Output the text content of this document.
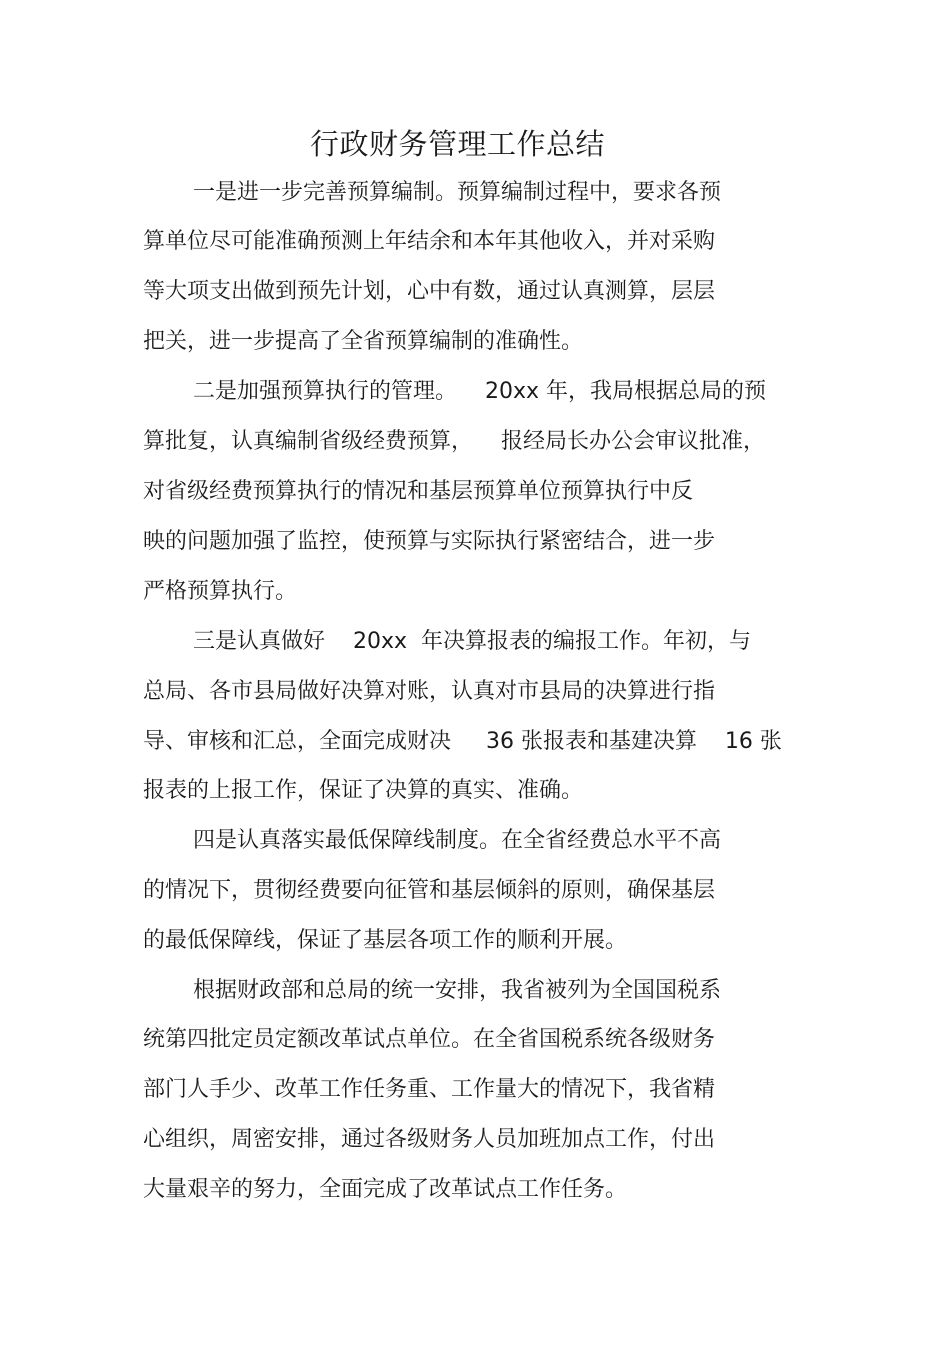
行政财务管理工作总结

一是进一步完善预算编制。预算编制过程中，要求各预

算单位尽可能准确预测上年结余和本年其他收入，并对采购

等大项支出做到预先计划，心中有数，通过认真测算，层层

把关，进一步提高了全省预算编制的准确性。

二是加强预算执行的管理。    20xx 年，我局根据总局的预

算批复，认真编制省级经费预算，    报经局长办公会审议批准，

对省级经费预算执行的情况和基层预算单位预算执行中反

映的问题加强了监控，使预算与实际执行紧密结合，进一步

严格预算执行。

三是认真做好    20xx  年决算报表的编报工作。年初，与

总局、各市县局做好决算对账，认真对市县局的决算进行指

导、审核和汇总，全面完成财决     36 张报表和基建决算    16 张

报表的上报工作，保证了决算的真实、准确。

四是认真落实最低保障线制度。在全省经费总水平不高

的情况下，贯彻经费要向征管和基层倾斜的原则，确保基层

的最低保障线，保证了基层各项工作的顺利开展。

根据财政部和总局的统一安排，我省被列为全国国税系

统第四批定员定额改革试点单位。在全省国税系统各级财务

部门人手少、改革工作任务重、工作量大的情况下，我省精

心组织，周密安排，通过各级财务人员加班加点工作，付出

大量艰辛的努力，全面完成了改革试点工作任务。
